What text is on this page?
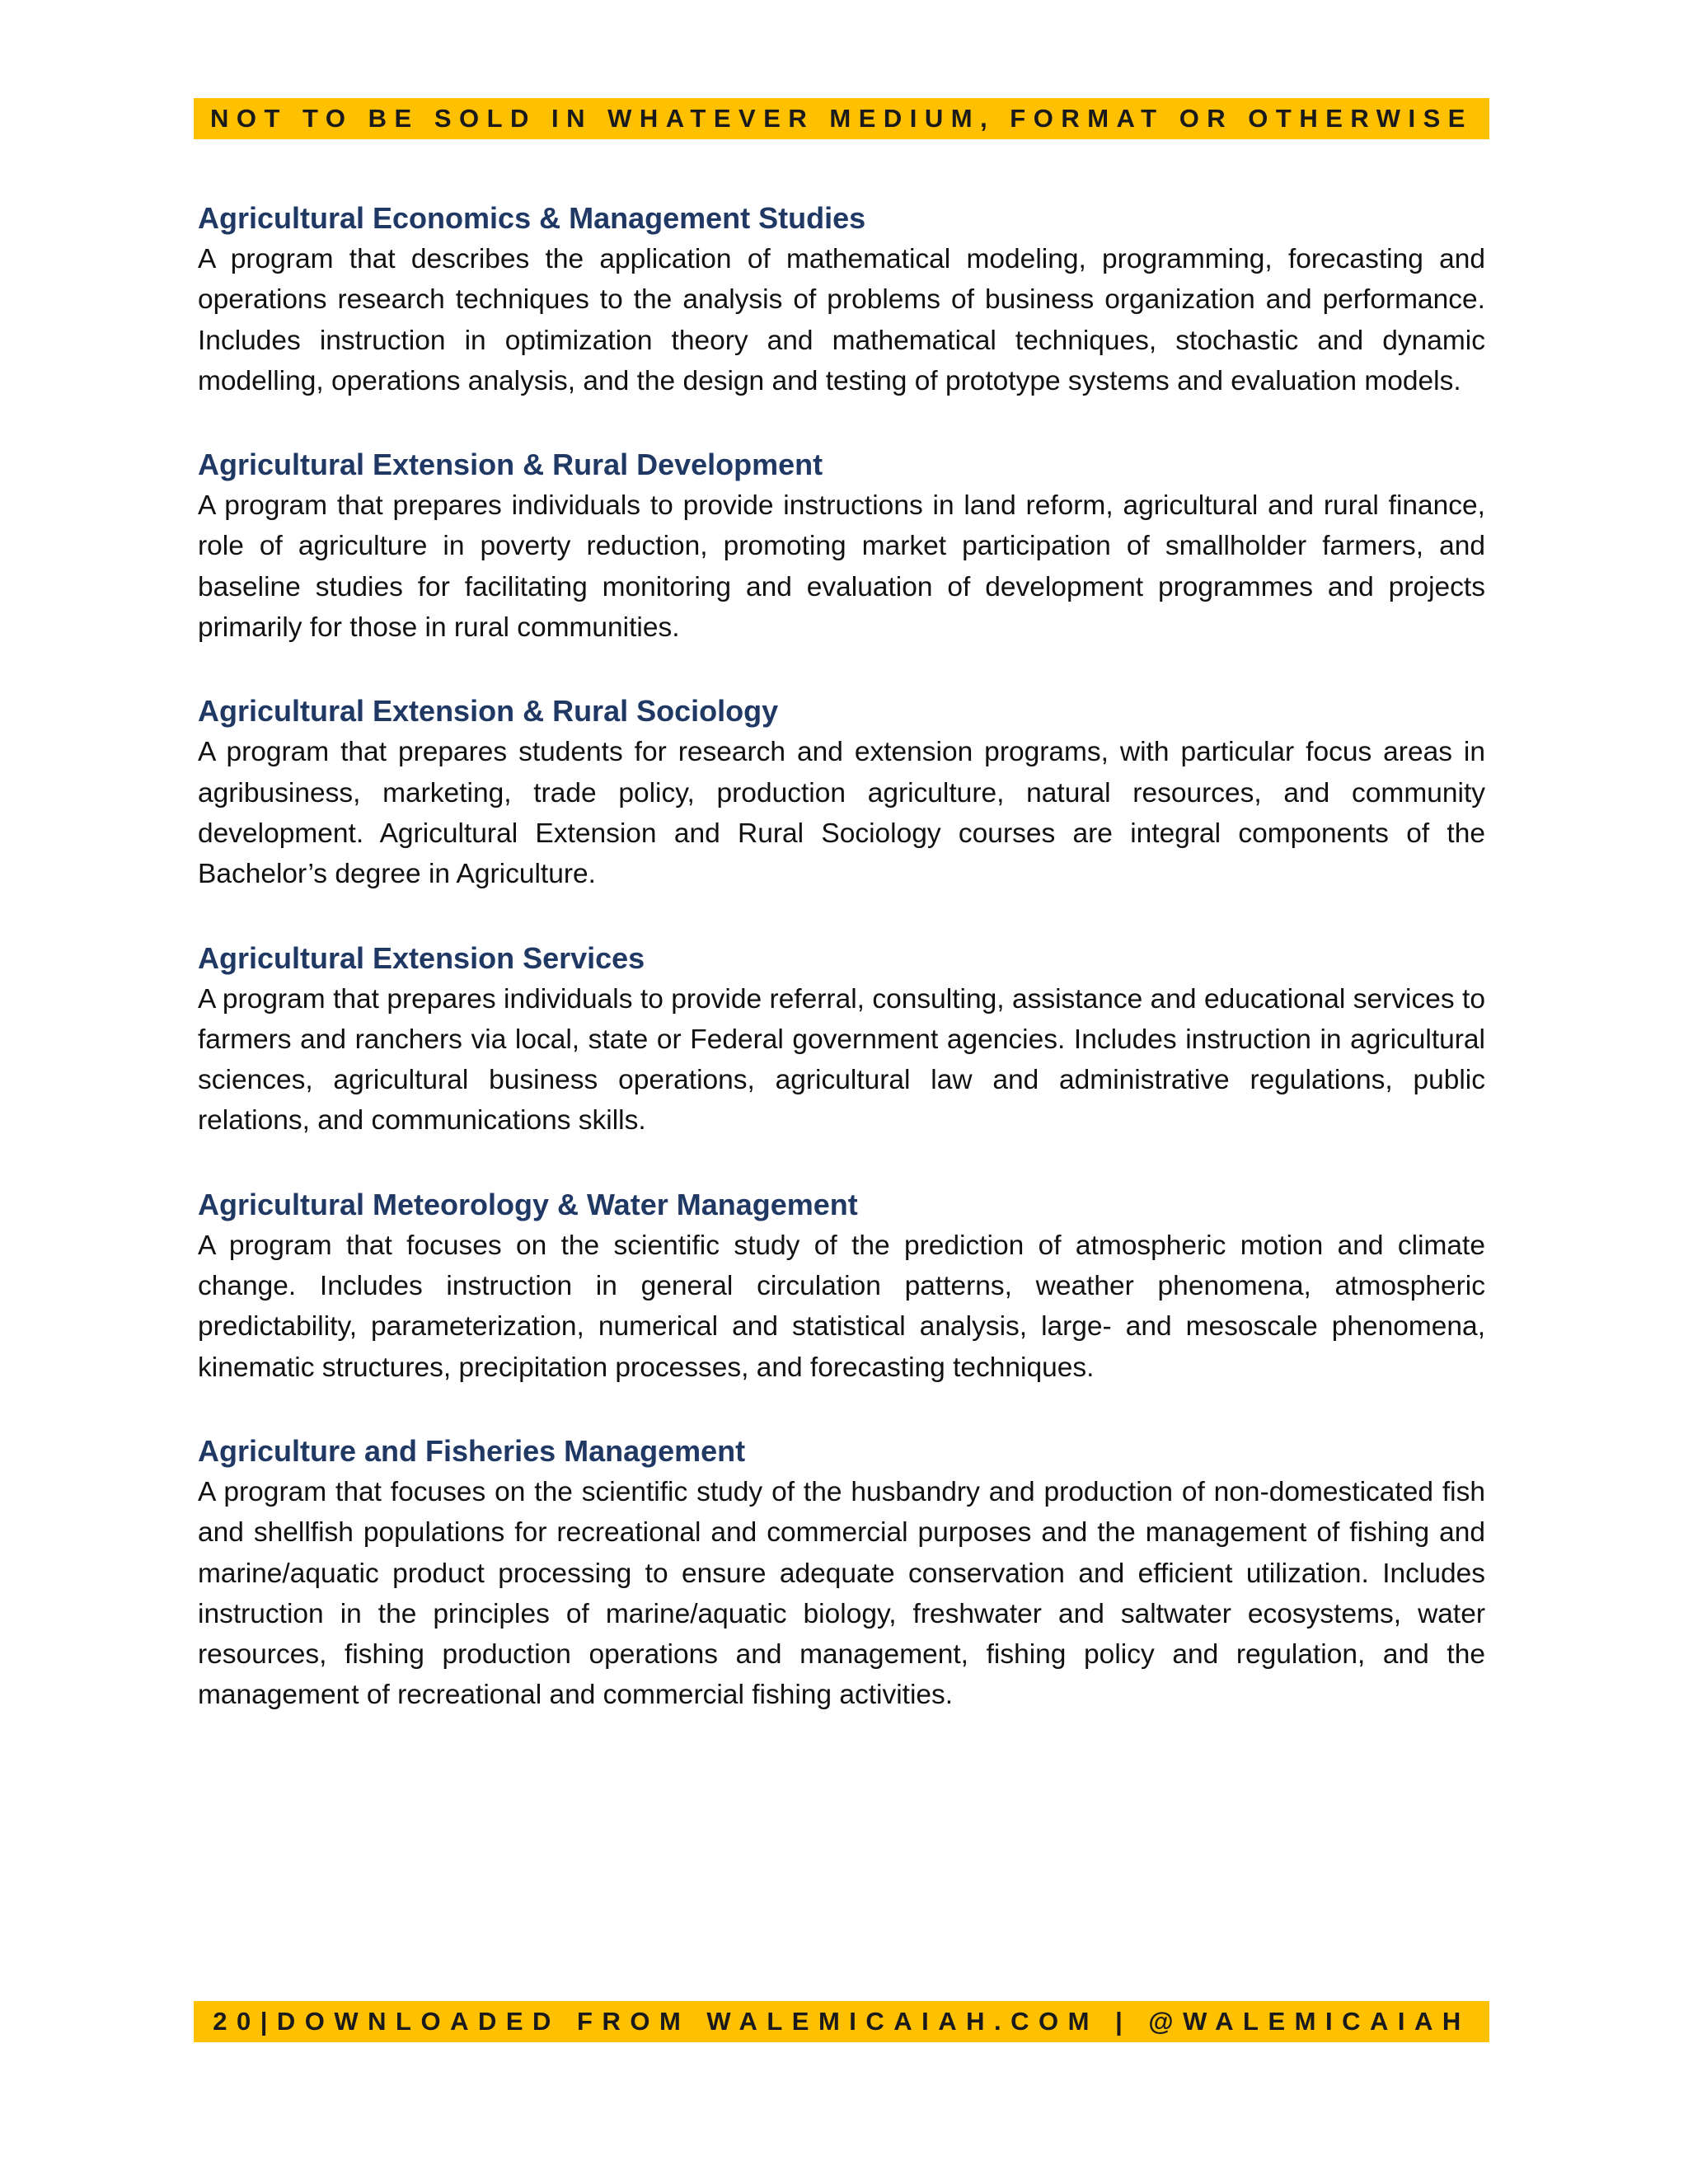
NOT TO BE SOLD IN WHATEVER MEDIUM, FORMAT OR OTHERWISE
Agricultural Economics & Management Studies

A program that describes the application of mathematical modeling, programming, forecasting and operations research techniques to the analysis of problems of business organization and performance. Includes instruction in optimization theory and mathematical techniques, stochastic and dynamic modelling, operations analysis, and the design and testing of prototype systems and evaluation models.

Agricultural Extension & Rural Development

A program that prepares individuals to provide instructions in land reform, agricultural and rural finance, role of agriculture in poverty reduction, promoting market participation of smallholder farmers, and baseline studies for facilitating monitoring and evaluation of development programmes and projects primarily for those in rural communities.

Agricultural Extension & Rural Sociology

A program that prepares students for research and extension programs, with particular focus areas in agribusiness, marketing, trade policy, production agriculture, natural resources, and community development. Agricultural Extension and Rural Sociology courses are integral components of the Bachelor’s degree in Agriculture.

Agricultural Extension Services

A program that prepares individuals to provide referral, consulting, assistance and educational services to farmers and ranchers via local, state or Federal government agencies. Includes instruction in agricultural sciences, agricultural business operations, agricultural law and administrative regulations, public relations, and communications skills.

Agricultural Meteorology & Water Management

A program that focuses on the scientific study of the prediction of atmospheric motion and climate change. Includes instruction in general circulation patterns, weather phenomena, atmospheric predictability, parameterization, numerical and statistical analysis, large- and mesoscale phenomena, kinematic structures, precipitation processes, and forecasting techniques.

Agriculture and Fisheries Management

A program that focuses on the scientific study of the husbandry and production of non-domesticated fish and shellfish populations for recreational and commercial purposes and the management of fishing and marine/aquatic product processing to ensure adequate conservation and efficient utilization. Includes instruction in the principles of marine/aquatic biology, freshwater and saltwater ecosystems, water resources, fishing production operations and management, fishing policy and regulation, and the management of recreational and commercial fishing activities.

20|DOWNLOADED FROM WALEMICAIAH.COM | @WALEMICAIAH
